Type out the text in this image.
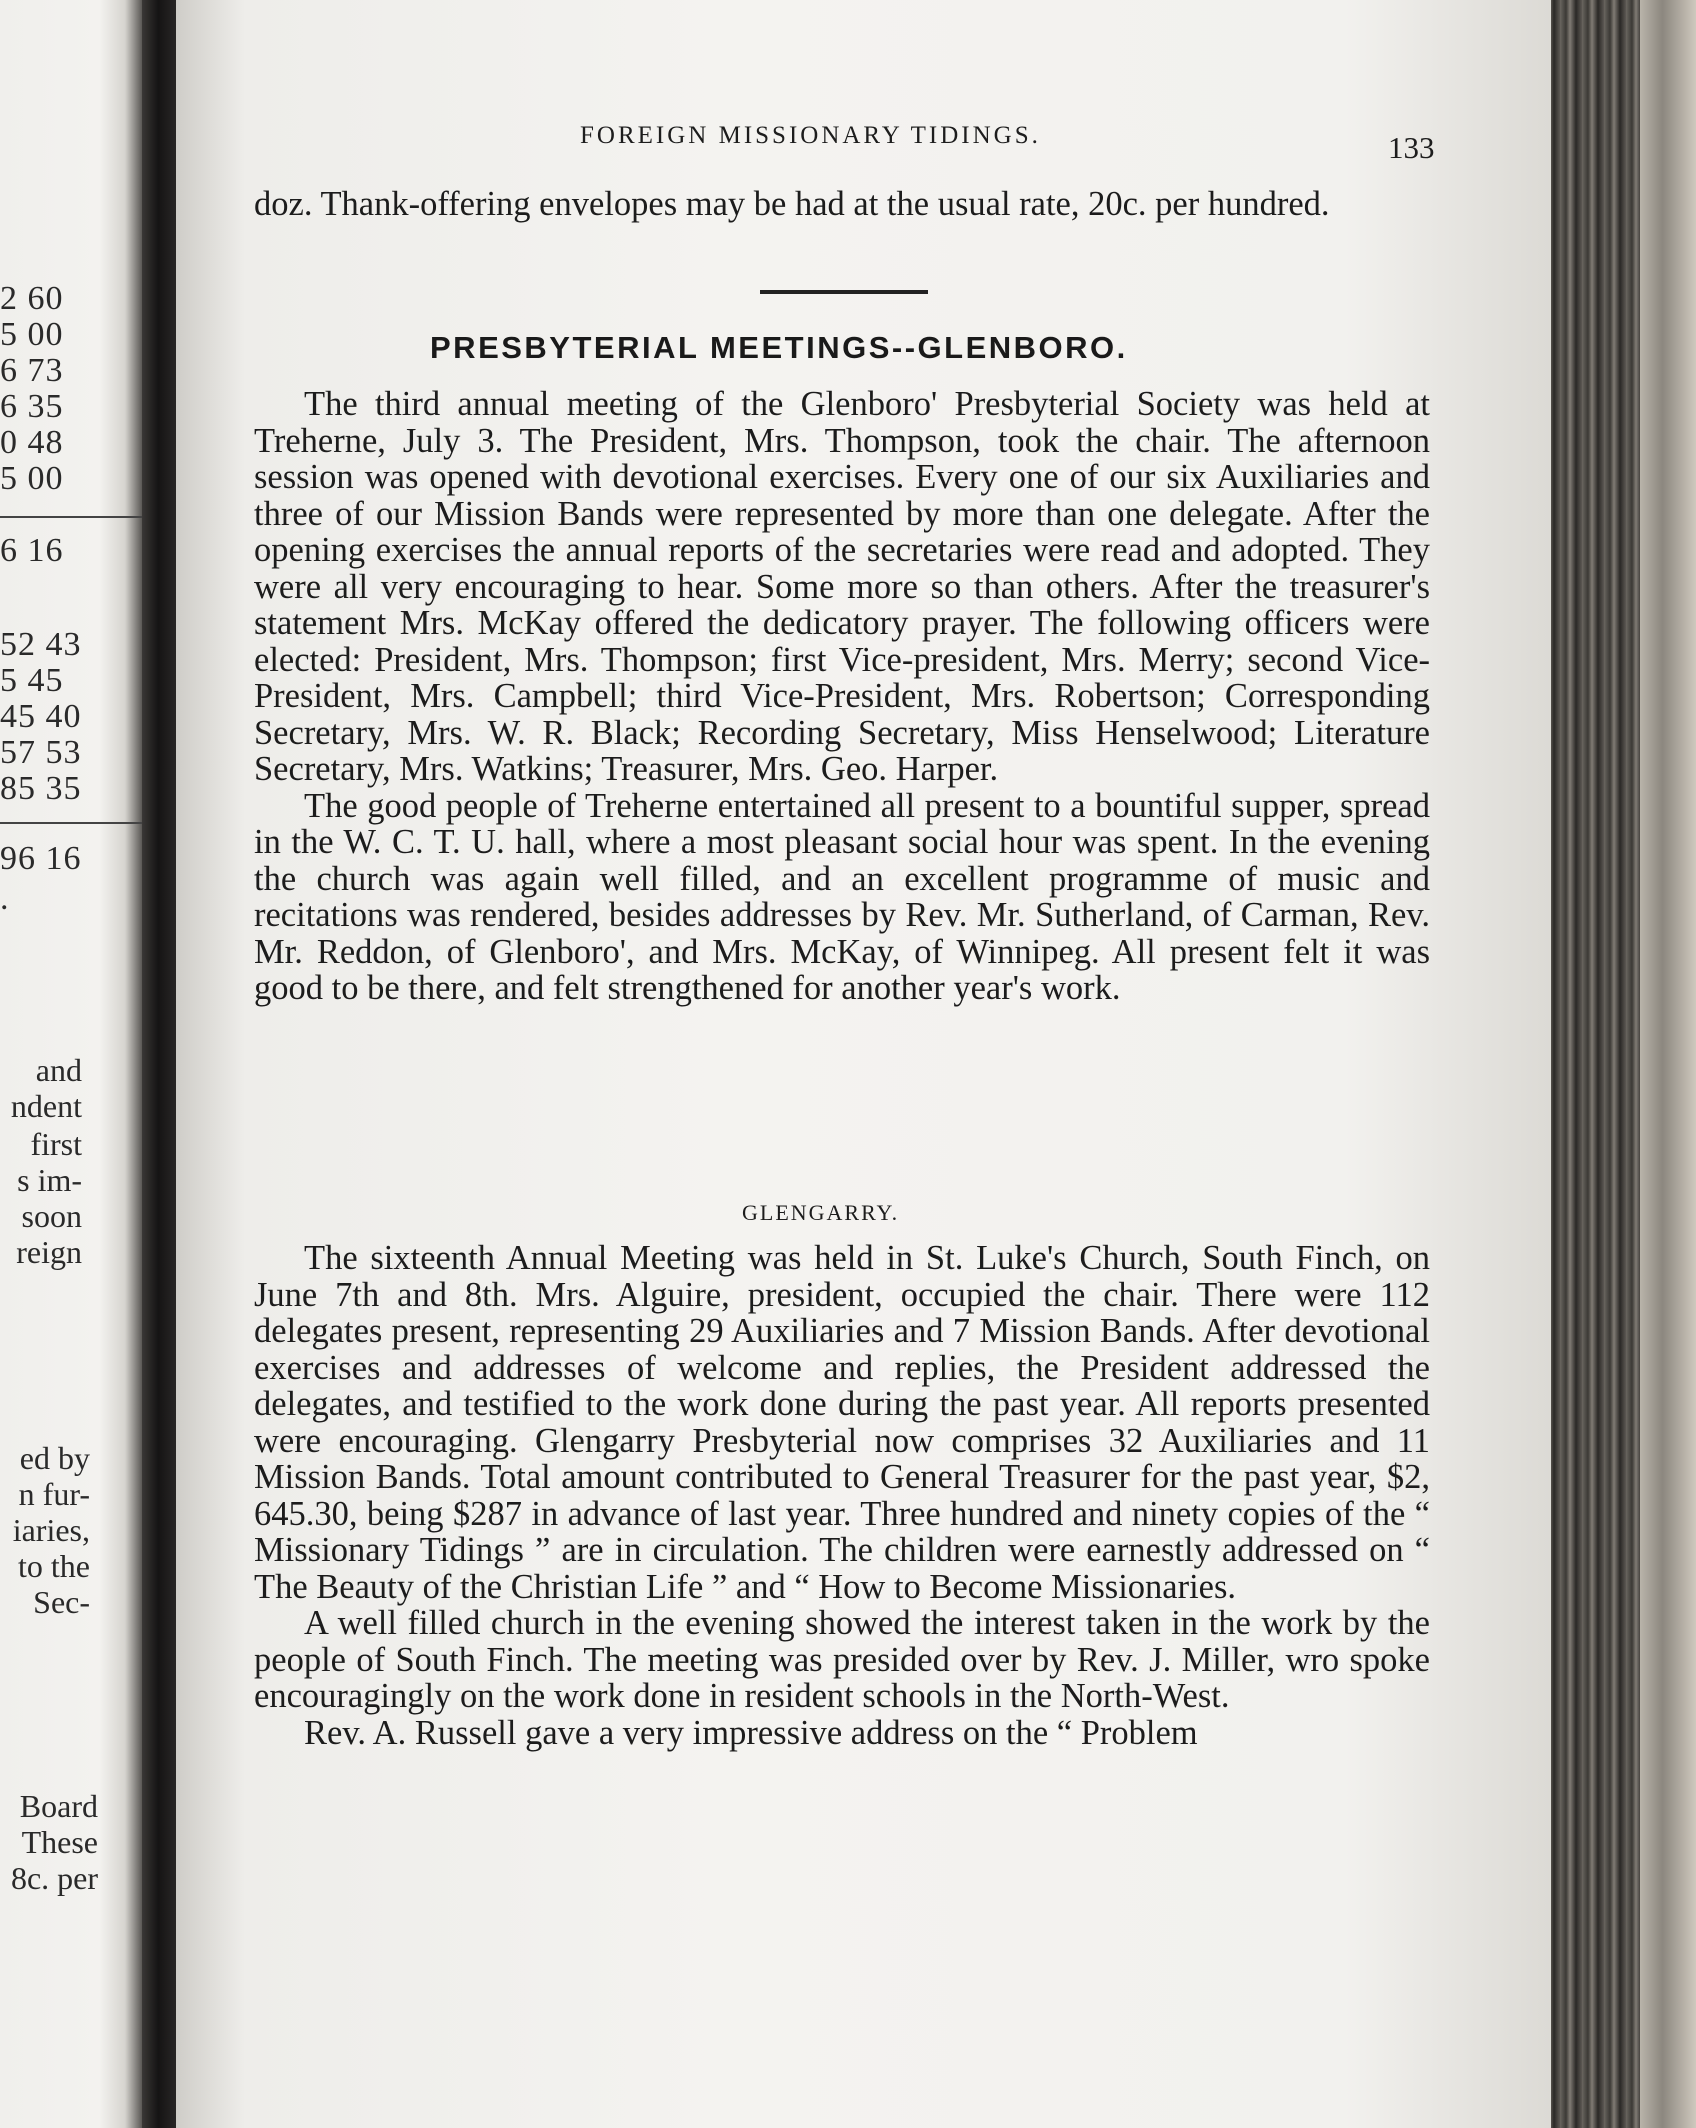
2 60
5 00
6 73
6 35
0 48
5 00
6 16
52 43
5 45
45 40
57 53
85 35
96 16
.
and
ndent
first
s im-
soon
reign
ed by
n fur-
iaries,
to the
Sec-
Board
These
8c. per
FOREIGN MISSIONARY TIDINGS.	133

doz. Thank-offering envelopes may be had at the usual rate, 20c. per hundred.

PRESBYTERIAL MEETINGS--GLENBORO.

The third annual meeting of the Glenboro' Presbyterial Society was held at Treherne, July 3. The President, Mrs. Thompson, took the chair. The afternoon session was opened with devotional exercises. Every one of our six Auxiliaries and three of our Mission Bands were represented by more than one delegate. After the opening exercises the annual reports of the secretaries were read and adopted. They were all very encouraging to hear. Some more so than others. After the treasurer's statement Mrs. McKay offered the dedicatory prayer. The following officers were elected: President, Mrs. Thompson; first Vice-president, Mrs. Merry; second Vice-President, Mrs. Campbell; third Vice-President, Mrs. Robertson; Corresponding Secretary, Mrs. W. R. Black; Recording Secretary, Miss Henselwood; Literature Secretary, Mrs. Watkins; Treasurer, Mrs. Geo. Harper.

The good people of Treherne entertained all present to a bountiful supper, spread in the W. C. T. U. hall, where a most pleasant social hour was spent. In the evening the church was again well filled, and an excellent programme of music and recitations was rendered, besides addresses by Rev. Mr. Sutherland, of Carman, Rev. Mr. Reddon, of Glenboro', and Mrs. McKay, of Winnipeg. All present felt it was good to be there, and felt strengthened for another year's work.

GLENGARRY.

The sixteenth Annual Meeting was held in St. Luke's Church, South Finch, on June 7th and 8th. Mrs. Alguire, president, occupied the chair. There were 112 delegates present, representing 29 Auxiliaries and 7 Mission Bands. After devotional exercises and addresses of welcome and replies, the President addressed the delegates, and testified to the work done during the past year. All reports presented were encouraging. Glengarry Presbyterial now comprises 32 Auxiliaries and 11 Mission Bands. Total amount contributed to General Treasurer for the past year, $2, 645.30, being $287 in advance of last year. Three hundred and ninety copies of the “ Missionary Tidings ” are in circulation. The children were earnestly addressed on “ The Beauty of the Christian Life ” and “ How to Become Missionaries.

A well filled church in the evening showed the interest taken in the work by the people of South Finch. The meeting was presided over by Rev. J. Miller, wro spoke encouragingly on the work done in resident schools in the North-West.

Rev. A. Russell gave a very impressive address on the “ Problem
